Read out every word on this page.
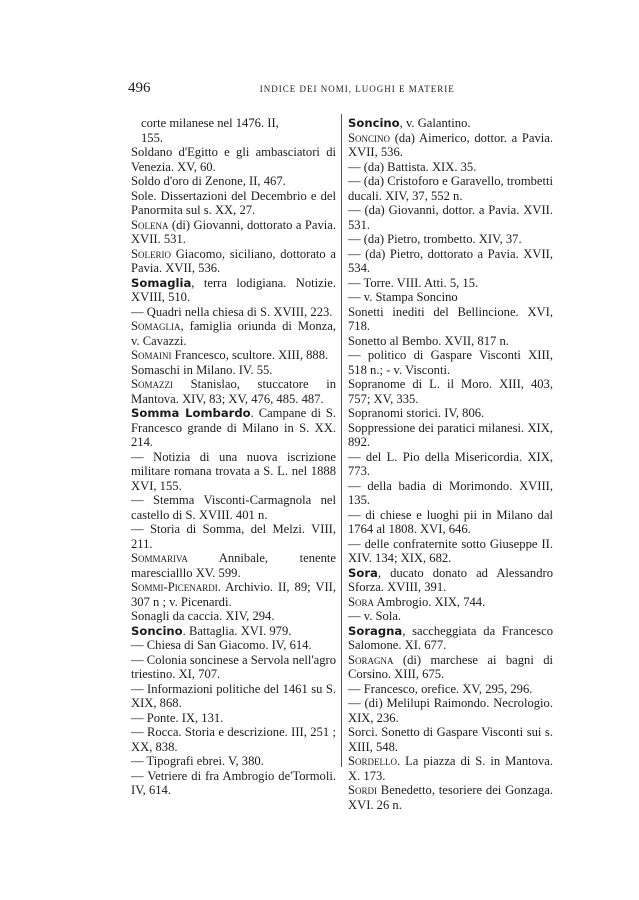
496	INDICE DEI NOMI, LUOGHI E MATERIE

corte milanese nel 1476. II,

155.

Soldano d'Egitto e gli ambasciatori di Venezia. XV, 60.

Soldo d'oro di Zenone, II, 467.

Sole. Dissertazioni del Decembrio e del Panormita sul s. XX, 27.

Solena (di) Giovanni, dottorato a Pavia. XVII. 531.

Solerio Giacomo, siciliano, dottorato a Pavia. XVII, 536.

Somaglia, terra lodigiana. Notizie. XVIII, 510.

— Quadri nella chiesa di S. XVIII, 223.

Somaglia, famiglia oriunda di Monza, v. Cavazzi.

Somaini Francesco, scultore. XIII, 888.

Somaschi in Milano. IV. 55.

Somazzi Stanislao, stuccatore in Mantova. XIV, 83; XV, 476, 485. 487.

Somma Lombardo. Campane di S. Francesco grande di Milano in S. XX. 214.

— Notizia di una nuova iscrizione militare romana trovata a S. L. nel 1888 XVI, 155.

— Stemma Visconti-Carmagnola nel castello di S. XVIII. 401 n.

— Storia di Somma, del Melzi. VIII, 211.

Sommariva Annibale, tenente marescialllo XV. 599.

Sommi-Picenardi. Archivio. II, 89; VII, 307 n ; v. Picenardi.

Sonagli da caccia. XIV, 294.

Soncino. Battaglia. XVI. 979.

— Chiesa di San Giacomo. IV, 614.

— Colonia soncinese a Servola nell'agro triestino. XI, 707.

— Informazioni politiche del 1461 su S. XIX, 868.

— Ponte. IX, 131.

— Rocca. Storia e descrizione. III, 251 ; XX, 838.

— Tipografi ebrei. V, 380.

— Vetriere di fra Ambrogio de'Tormoli. IV, 614.

Soncino, v. Galantino.

Soncino (da) Aimerico, dottor. a Pavia. XVII, 536.

— (da) Battista. XIX. 35.

— (da) Cristoforo e Garavello, trombetti ducali. XIV, 37, 552 n.

— (da) Giovanni, dottor. a Pavia. XVII. 531.

— (da) Pietro, trombetto. XIV, 37.

— (da) Pietro, dottorato a Pavia. XVII, 534.

— Torre. VIII. Atti. 5, 15.

— v. Stampa Soncino

Sonetti inediti del Bellincione. XVI, 718.

Sonetto al Bembo. XVII, 817 n.

— politico di Gaspare Visconti XIII, 518 n.; - v. Visconti.

Sopranome di L. il Moro. XIII, 403, 757; XV, 335.

Sopranomi storici. IV, 806.

Soppressione dei paratici milanesi. XIX, 892.

— del L. Pio della Misericordia. XIX, 773.

— della badia di Morimondo. XVIII, 135.

— di chiese e luoghi pii in Milano dal 1764 al 1808. XVI, 646.

— delle confraternite sotto Giuseppe II. XIV. 134; XIX, 682.

Sora, ducato donato ad Alessandro Sforza. XVIII, 391.

Sora Ambrogio. XIX, 744.

— v. Sola.

Soragna, saccheggiata da Francesco Salomone. XI. 677.

Soragna (di) marchese ai bagni di Corsino. XIII, 675.

— Francesco, orefice. XV, 295, 296.

— (di) Melilupi Raimondo. Necrologio. XIX, 236.

Sorci. Sonetto di Gaspare Visconti sui s. XIII, 548.

Sordello. La piazza di S. in Mantova. X. 173.

Sordi Benedetto, tesoriere dei Gonzaga. XVI. 26 n.
